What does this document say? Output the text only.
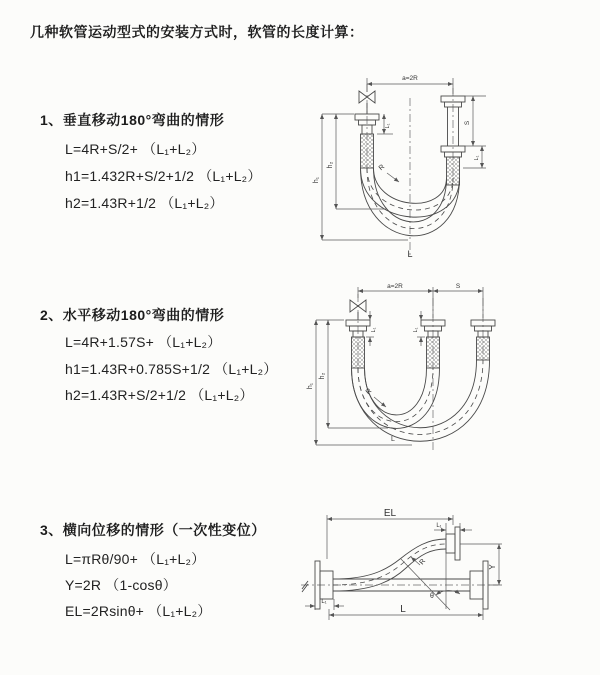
几种软管运动型式的安装方式时，软管的长度计算：
1、垂直移动180°弯曲的情形
L=4R+S/2+ （L₁+L₂）
h1=1.432R+S/2+1/2 （L₁+L₂）
h2=1.43R+1/2 （L₁+L₂）
2、水平移动180°弯曲的情形
L=4R+1.57S+ （L₁+L₂）
h1=1.43R+0.785S+1/2 （L₁+L₂）
h2=1.43R+S/2+1/2 （L₁+L₂）
3、横向位移的情形（一次性变位）
L=πRθ/90+ （L₁+L₂）
Y=2R （1-cosθ）
EL=2Rsinθ+ （L₁+L₂）
a=2R
h₁
h₂
L₁
S
L₁
R
L
a=2R	S
h₁
h₂
L₁	L₁
R
L
θ
R
EL
L₁
Y
L
L₁
